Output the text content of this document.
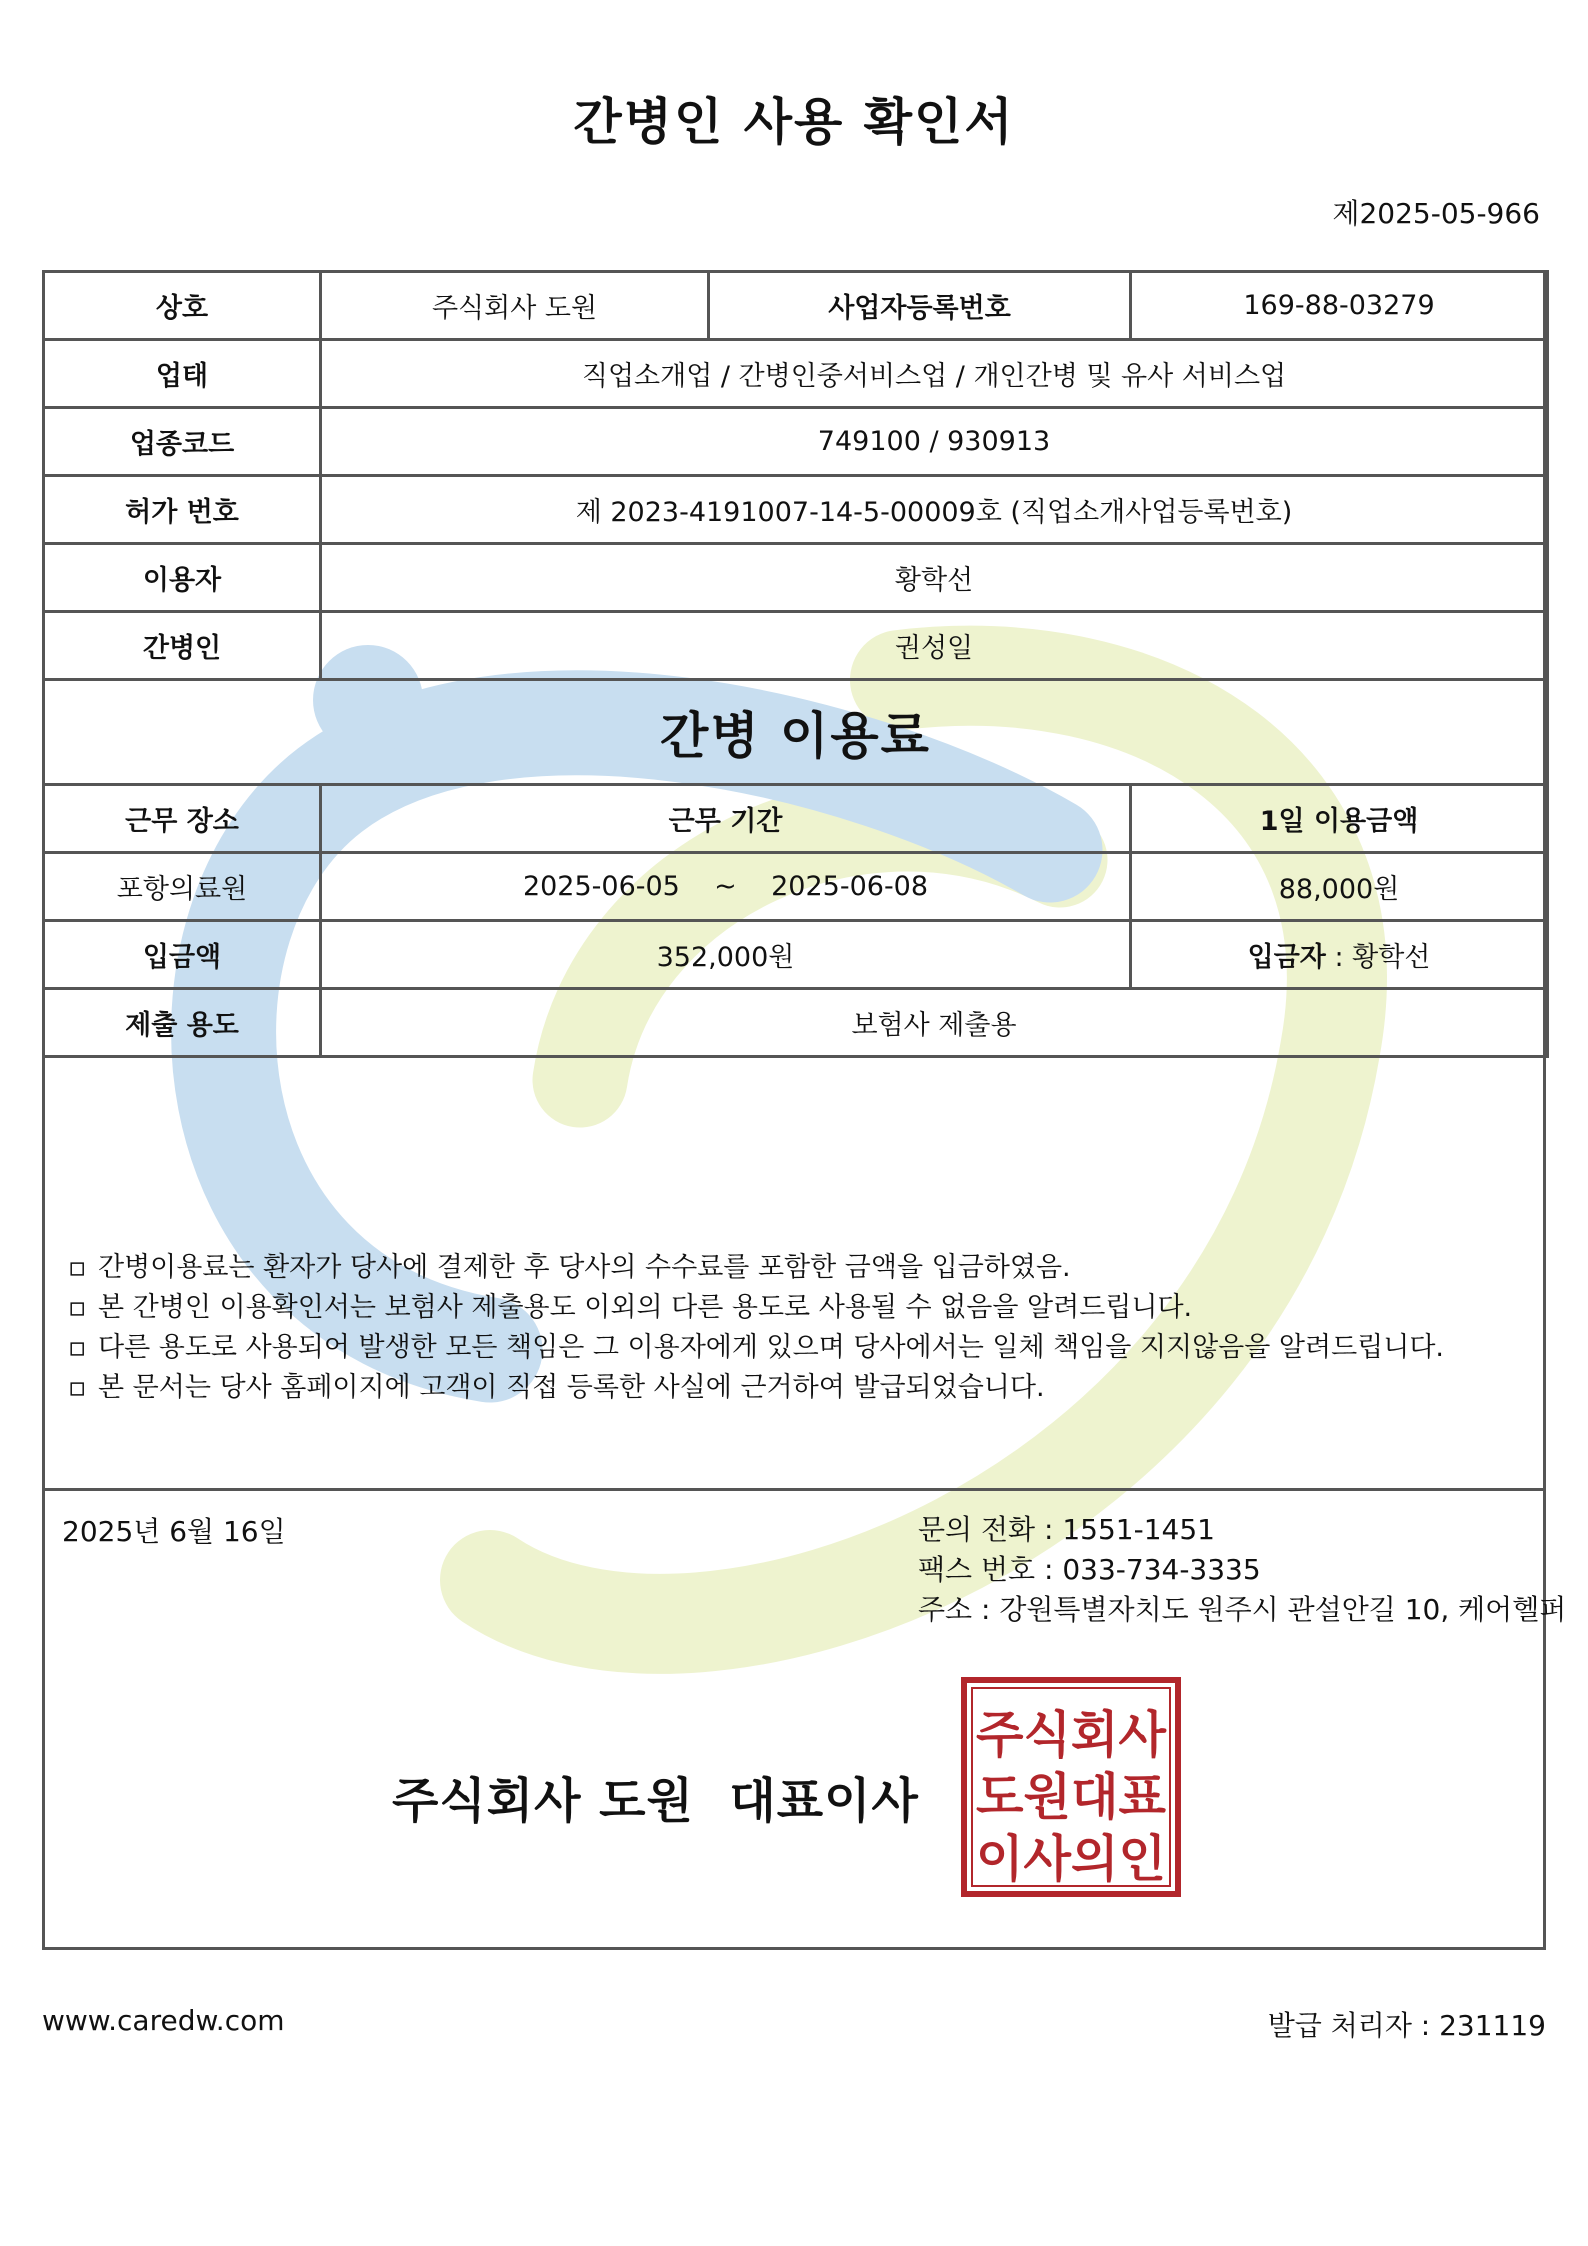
간병인 사용 확인서
제2025-05-966
상호	주식회사 도원	사업자등록번호	169-88-03279
업태	직업소개업 / 간병인중서비스업 / 개인간병 및 유사 서비스업		
업종코드	749100 / 930913		
허가 번호	제 2023-4191007-14-5-00009호 (직업소개사업등록번호)		
이용자	황학선		
간병인	권성일		
간병 이용료			
근무 장소	근무 기간		1일 이용금액
포항의료원	2025-06-05    ~    2025-06-08		88,000원
입금액	352,000원		입금자 : 황학선
제출 용도	보험사 제출용		
▫ 간병이용료는 환자가 당사에 결제한 후 당사의 수수료를 포함한 금액을 입금하였음.
▫ 본 간병인 이용확인서는 보험사 제출용도 이외의 다른 용도로 사용될 수 없음을 알려드립니다.
▫ 다른 용도로 사용되어 발생한 모든 책임은 그 이용자에게 있으며 당사에서는 일체 책임을 지지않음을 알려드립니다.
▫ 본 문서는 당사 홈페이지에 고객이 직접 등록한 사실에 근거하여 발급되었습니다.
2025년 6월 16일	문의 전화 : 1551-1451
팩스 번호 : 033-734-3335
주소 : 강원특별자치도 원주시 관설안길 10, 케어헬퍼
주식회사 도원  대표이사
주식회사
도원대표
이사의인
www.caredw.com	발급 처리자 : 231119
